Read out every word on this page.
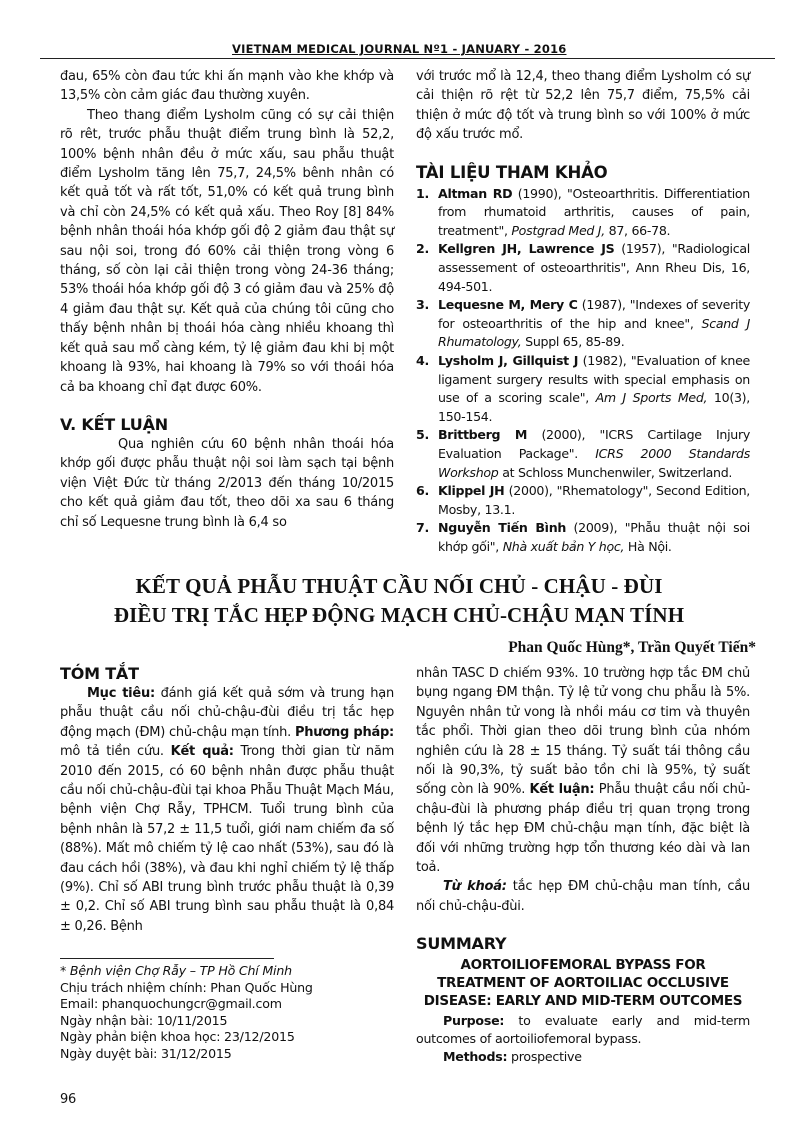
VIETNAM MEDICAL JOURNAL Nº1 - JANUARY - 2016

đau, 65% còn đau tức khi ấn mạnh vào khe khớp và 13,5% còn cảm giác đau thường xuyên.

Theo thang điểm Lysholm cũng có sự cải thiện rõ rêt, trước phẫu thuật điểm trung bình là 52,2, 100% bệnh nhân đều ở mức xấu, sau phẫu thuật điểm Lysholm tăng lên 75,7, 24,5% bênh nhân có kết quả tốt và rất tốt, 51,0% có kết quả trung bình và chỉ còn 24,5% có kết quả xấu. Theo Roy [8] 84% bệnh nhân thoái hóa khớp gối độ 2 giảm đau thật sự sau nội soi, trong đó 60% cải thiện trong vòng 6 tháng, số còn lại cải thiện trong vòng 24-36 tháng; 53% thoái hóa khớp gối độ 3 có giảm đau và 25% độ 4 giảm đau thật sự. Kết quả của chúng tôi cũng cho thấy bệnh nhân bị thoái hóa càng nhiều khoang thì kết quả sau mổ càng kém, tỷ lệ giảm đau khi bị một khoang là 93%, hai khoang là 79% so với thoái hóa cả ba khoang chỉ đạt được 60%.

V. KẾT LUẬN

Qua nghiên cứu 60 bệnh nhân thoái hóa khớp gối được phẫu thuật nội soi làm sạch tại bệnh viện Việt Đức từ tháng 2/2013 đến tháng 10/2015 cho kết quả giảm đau tốt, theo dõi xa sau 6 tháng chỉ số Lequesne trung bình là 6,4 so

với trước mổ là 12,4, theo thang điểm Lysholm có sự cải thiện rõ rệt từ 52,2 lên 75,7 điểm, 75,5% cải thiện ở mức độ tốt và trung bình so với 100% ở mức độ xấu trước mổ.

TÀI LIỆU THAM KHẢO

1. Altman RD (1990), "Osteoarthritis. Differentiation from rhumatoid arthritis, causes of pain, treatment", Postgrad Med J, 87, 66-78.

2. Kellgren JH, Lawrence JS (1957), "Radiological assessement of osteoarthritis", Ann Rheu Dis, 16, 494-501.

3. Lequesne M, Mery C (1987), "Indexes of severity for osteoarthritis of the hip and knee", Scand J Rhumatology, Suppl 65, 85-89.

4. Lysholm J, Gillquist J (1982), "Evaluation of knee ligament surgery results with special emphasis on use of a scoring scale", Am J Sports Med, 10(3), 150-154.

5. Brittberg M (2000), "ICRS Cartilage Injury Evaluation Package". ICRS 2000 Standards Workshop at Schloss Munchenwiler, Switzerland.

6. Klippel JH (2000), "Rhematology", Second Edition, Mosby, 13.1.

7. Nguyễn Tiến Bình (2009), "Phẫu thuật nội soi khớp gối", Nhà xuất bản Y học, Hà Nội.

KẾT QUẢ PHẪU THUẬT CẦU NỐI CHỦ - CHẬU - ĐÙI
ĐIỀU TRỊ TẮC HẸP ĐỘNG MẠCH CHỦ-CHẬU MẠN TÍNH
Phan Quốc Hùng*, Trần Quyết Tiến*
TÓM TẮT

Mục tiêu: đánh giá kết quả sớm và trung hạn phẫu thuật cầu nối chủ-chậu-đùi điều trị tắc hẹp động mạch (ĐM) chủ-chậu mạn tính. Phương pháp: mô tả tiền cứu. Kết quả: Trong thời gian từ năm 2010 đến 2015, có 60 bệnh nhân được phẫu thuật cầu nối chủ-chậu-đùi tại khoa Phẫu Thuật Mạch Máu, bệnh viện Chợ Rẫy, TPHCM. Tuổi trung bình của bệnh nhân là 57,2 ± 11,5 tuổi, giới nam chiếm đa số (88%). Mất mô chiếm tỷ lệ cao nhất (53%), sau đó là đau cách hồi (38%), và đau khi nghỉ chiếm tỷ lệ thấp (9%). Chỉ số ABI trung bình trước phẫu thuật là 0,39 ± 0,2. Chỉ số ABI trung bình sau phẫu thuật là 0,84 ± 0,26. Bệnh

* Bệnh viện Chợ Rẫy – TP Hồ Chí Minh
Chịu trách nhiệm chính: Phan Quốc Hùng
Email: phanquochungcr@gmail.com
Ngày nhận bài: 10/11/2015
Ngày phản biện khoa học: 23/12/2015
Ngày duyệt bài: 31/12/2015
96

nhân TASC D chiếm 93%. 10 trường hợp tắc ĐM chủ bụng ngang ĐM thận. Tỷ lệ tử vong chu phẫu là 5%. Nguyên nhân tử vong là nhồi máu cơ tim và thuyên tắc phổi. Thời gian theo dõi trung bình của nhóm nghiên cứu là 28 ± 15 tháng. Tỷ suất tái thông cầu nối là 90,3%, tỷ suất bảo tồn chi là 95%, tỷ suất sống còn là 90%. Kết luận: Phẫu thuật cầu nối chủ-chậu-đùi là phương pháp điều trị quan trọng trong bệnh lý tắc hẹp ĐM chủ-chậu mạn tính, đặc biệt là đối với những trường hợp tổn thương kéo dài và lan toả.

Từ khoá: tắc hẹp ĐM chủ-chậu man tính, cầu nối chủ-chậu-đùi.

SUMMARY
AORTOILIOFEMORAL BYPASS FOR
TREATMENT OF AORTOILIAC OCCLUSIVE
DISEASE: EARLY AND MID-TERM OUTCOMES

Purpose: to evaluate early and mid-term outcomes of aortoiliofemoral bypass.

Methods: prospective
